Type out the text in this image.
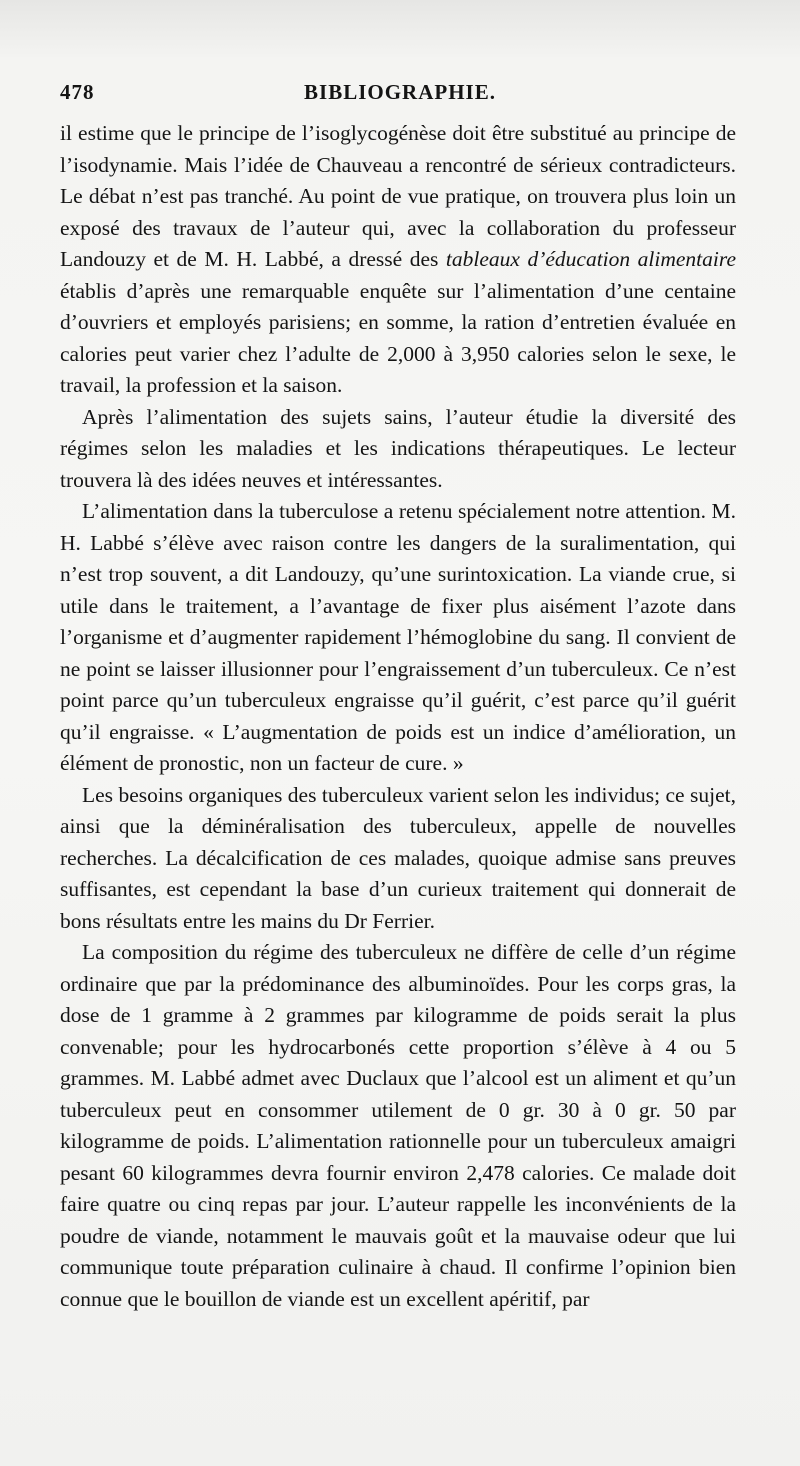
478	BIBLIOGRAPHIE.

il estime que le principe de l’isoglycogénèse doit être substitué au principe de l’isodynamie. Mais l’idée de Chauveau a rencontré de sérieux contradicteurs. Le débat n’est pas tranché. Au point de vue pratique, on trouvera plus loin un exposé des travaux de l’auteur qui, avec la collaboration du professeur Landouzy et de M. H. Labbé, a dressé des tableaux d’éducation alimentaire établis d’après une remarquable enquête sur l’alimentation d’une centaine d’ouvriers et employés parisiens; en somme, la ration d’entretien évaluée en calories peut varier chez l’adulte de 2,000 à 3,950 calories selon le sexe, le travail, la profession et la saison.

Après l’alimentation des sujets sains, l’auteur étudie la diversité des régimes selon les maladies et les indications thérapeutiques. Le lecteur trouvera là des idées neuves et intéressantes.

L’alimentation dans la tuberculose a retenu spécialement notre attention. M. H. Labbé s’élève avec raison contre les dangers de la suralimentation, qui n’est trop souvent, a dit Landouzy, qu’une surintoxication. La viande crue, si utile dans le traitement, a l’avantage de fixer plus aisément l’azote dans l’organisme et d’augmenter rapidement l’hémoglobine du sang. Il convient de ne point se laisser illusionner pour l’engraissement d’un tuberculeux. Ce n’est point parce qu’un tuberculeux engraisse qu’il guérit, c’est parce qu’il guérit qu’il engraisse. « L’augmentation de poids est un indice d’amélioration, un élément de pronostic, non un facteur de cure. »

Les besoins organiques des tuberculeux varient selon les individus; ce sujet, ainsi que la déminéralisation des tuberculeux, appelle de nouvelles recherches. La décalcification de ces malades, quoique admise sans preuves suffisantes, est cependant la base d’un curieux traitement qui donnerait de bons résultats entre les mains du Dr Ferrier.

La composition du régime des tuberculeux ne diffère de celle d’un régime ordinaire que par la prédominance des albuminoïdes. Pour les corps gras, la dose de 1 gramme à 2 grammes par kilogramme de poids serait la plus convenable; pour les hydrocarbonés cette proportion s’élève à 4 ou 5 grammes. M. Labbé admet avec Duclaux que l’alcool est un aliment et qu’un tuberculeux peut en consommer utilement de 0 gr. 30 à 0 gr. 50 par kilogramme de poids. L’alimentation rationnelle pour un tuberculeux amaigri pesant 60 kilogrammes devra fournir environ 2,478 calories. Ce malade doit faire quatre ou cinq repas par jour. L’auteur rappelle les inconvénients de la poudre de viande, notamment le mauvais goût et la mauvaise odeur que lui communique toute préparation culinaire à chaud. Il confirme l’opinion bien connue que le bouillon de viande est un excellent apéritif, par
